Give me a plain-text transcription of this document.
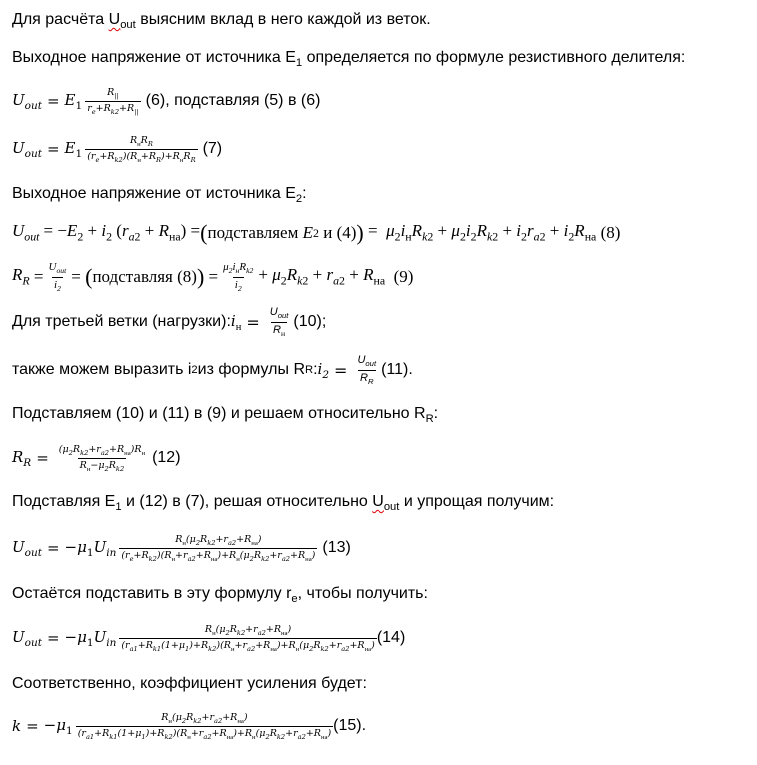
Для расчёта $U_{out}$ выясним вклад в него каждой из веток.
Выходное напряжение от источника $E_1$ определяется по формуле резистивного делителя:
$U_{out} = E_1 \frac{R_{||}}{r_e+R_{k2}+R_{||}} (6)$, подставляя (5) в (6)
$U_{out} = E_1 \frac{R_нR_R}{(r_e+R_{k2})(R_н+R_R)+R_нR_R} (7)$
Выходное напряжение от источника $E_2$:
$U_{out} = -E_2 + i_2$ $(r_{a2} + R_{на})$ = ( подставляем
E 2
и (4) ) =  $\mu_2i_нR_{k2} + \mu_2i_2R_{k2} + i_2r_{a2} + i_2R_{на}$ (8)
$R_R = \frac{U_{out}}{i_2}$ = ( подставляя (8) ) = $\frac{\mu_2i_нR_{k2}}{i_2} + \mu_2R_{k2} + r_{a2} + R_{на}$ (9)
Для третьей ветки (нагрузки): $i_н = \frac{U_{out}}{R_н} (10)$;
также можем выразить i 2 из формулы R R : $i_2 = \frac{U_{out}}{R_R} (11)$.
Подставляем (10) и (11) в (9) и решаем относительно $R_R$:
$R_R = \frac{(\mu_2R_{k2}+r_{a2}+R_{на})R_н}{R_н-\mu_2R_{k2}} (12)$
Подставляя $E_1$ и (12) в (7), решая относительно $U_{out}$ и упрощая получим:
$U_{out} = -\mu_1U_{in} \frac{R_н(\mu_2R_{k2}+r_{a2}+R_{на})}{(r_e+R_{k2})(R_н+r_{a2}+R_{на})+R_н(\mu_2R_{k2}+r_{a2}+R_{на})} (13)$
Остаётся подставить в эту формулу $r_e$, чтобы получить:
$U_{out} = -\mu_1U_{in} \frac{R_н(\mu_2R_{k2}+r_{a2}+R_{на})}{(r_{a1}+R_{k1}(1+\mu_1)+R_{k2})(R_н+r_{a2}+R_{на})+R_н(\mu_2R_{k2}+r_{a2}+R_{на})} (14)$
Соответственно, коэффициент усиления будет:
$k = -\mu_1 \frac{R_н(\mu_2R_{k2}+r_{a2}+R_{на})}{(r_{a1}+R_{k1}(1+\mu_1)+R_{k2})(R_н+r_{a2}+R_{на})+R_н(\mu_2R_{k2}+r_{a2}+R_{на})} (15)$.
